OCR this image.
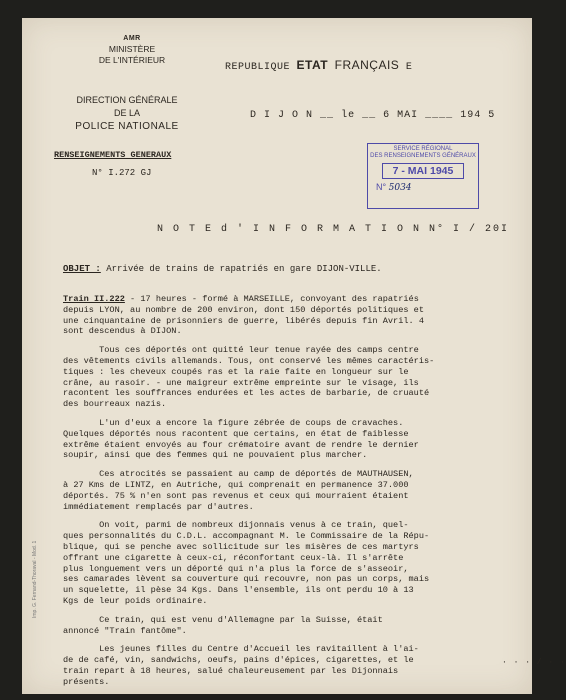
AMR
MINISTÈRE
DE L'INTÉRIEUR
DIRECTION GÉNÉRALE
DE LA
POLICE NATIONALE
RENSEIGNEMENTS GENERAUX
N° I.272 GJ
REPUBLIQUE ETAT FRANÇAIS E
D I J O N __ le __ 6 MAI ____ 194 5
SERVICE RÉGIONAL
DES RENSEIGNEMENTS GÉNÉRAUX
7 - MAI 1945
N° 5034
N O T E d ' I N F O R M A T I O N N° I / 20I
OBJET : Arrivée de trains de rapatriés en gare DIJON-VILLE.

Train II.222 - 17 heures - formé à MARSEILLE, convoyant des rapatriés
depuis LYON, au nombre de 200 environ, dont 150 déportés politiques et
une cinquantaine de prisonniers de guerre, libérés depuis fin Avril. 4
sont descendus à DIJON.

Tous ces déportés ont quitté leur tenue rayée des camps centre
des vêtements civils allemands. Tous, ont conservé les mêmes caractéris-
tiques : les cheveux coupés ras et la raie faite en longueur sur le
crâne, au rasoir. - une maigreur extrême empreinte sur le visage, ils
racontent les souffrances endurées et les actes de barbarie, de cruauté
des bourreaux nazis.

L'un d'eux a encore la figure zébrée de coups de cravaches.
Quelques déportés nous racontent que certains, en état de faiblesse
extrême étaient envoyés au four crématoire avant de rendre le dernier
soupir, ainsi que des femmes qui ne pouvaient plus marcher.

Ces atrocités se passaient au camp de déportés de MAUTHAUSEN,
à 27 Kms de LINTZ, en Autriche, qui comprenait en permanence 37.000
déportés. 75 % n'en sont pas revenus et ceux qui mourraient étaient
immédiatement remplacés par d'autres.

On voit, parmi de nombreux dijonnais venus à ce train, quel-
ques personnalités du C.D.L. accompagnant M. le Commissaire de la Répu-
blique, qui se penche avec sollicitude sur les misères de ces martyrs
offrant une cigarette à ceux-ci, réconfortant ceux-là. Il s'arrête
plus longuement vers un déporté qui n'a plus la force de s'asseoir,
ses camarades lèvent sa couverture qui recouvre, non pas un corps, mais
un squelette, il pèse 34 Kgs. Dans l'ensemble, ils ont perdu 10 à 13
Kgs de leur poids ordinaire.

Ce train, qui est venu d'Allemagne par la Suisse, était
annoncé "Train fantôme".

Les jeunes filles du Centre d'Accueil les ravitaillent à l'ai-
de de café, vin, sandwichs, oeufs, pains d'épices, cigarettes, et le
train repart à 18 heures, salué chaleureusement par les Dijonnais
présents.

Imp. G. Fernand-Thoraval - Mod. 1
· · · / · ·
